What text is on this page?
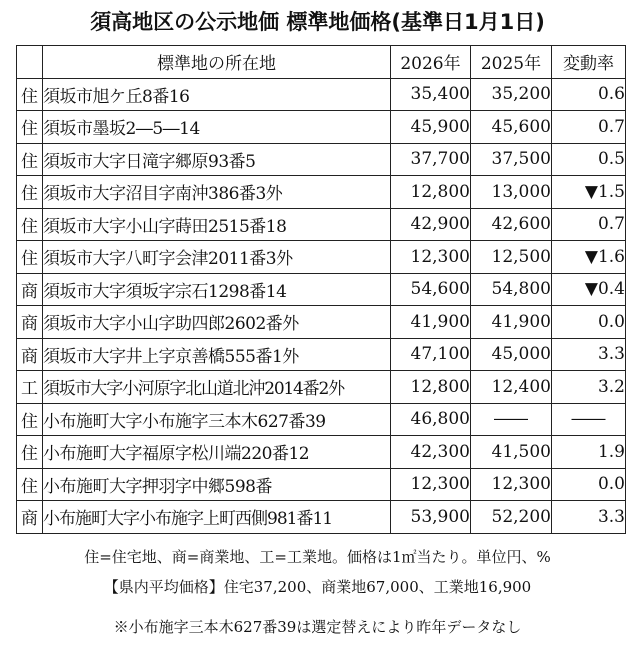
須高地区の公示地価 標準地価格(基準日1月1日)
	標準地の所在地	2026年	2025年	変動率
住	須坂市旭ケ丘8番16	35,400	35,200	0.6
住	須坂市墨坂2―5―14	45,900	45,600	0.7
住	須坂市大字日滝字郷原93番5	37,700	37,500	0.5
住	須坂市大字沼目字南沖386番3外	12,800	13,000	▼1.5
住	須坂市大字小山字蒔田2515番18	42,900	42,600	0.7
住	須坂市大字八町字会津2011番3外	12,300	12,500	▼1.6
商	須坂市大字須坂字宗石1298番14	54,600	54,800	▼0.4
商	須坂市大字小山字助四郎2602番外	41,900	41,900	0.0
商	須坂市大字井上字京善橋555番1外	47,100	45,000	3.3
工	須坂市大字小河原字北山道北沖2014番2外	12,800	12,400	3.2
住	小布施町大字小布施字三本木627番39	46,800	――	――
住	小布施町大字福原字松川端220番12	42,300	41,500	1.9
住	小布施町大字押羽字中郷598番	12,300	12,300	0.0
商	小布施町大字小布施字上町西側981番11	53,900	52,200	3.3
住=住宅地、商=商業地、工=工業地。価格は1㎡当たり。単位円、%
【県内平均価格】住宅37,200、商業地67,000、工業地16,900
※小布施字三本木627番39は選定替えにより昨年データなし
